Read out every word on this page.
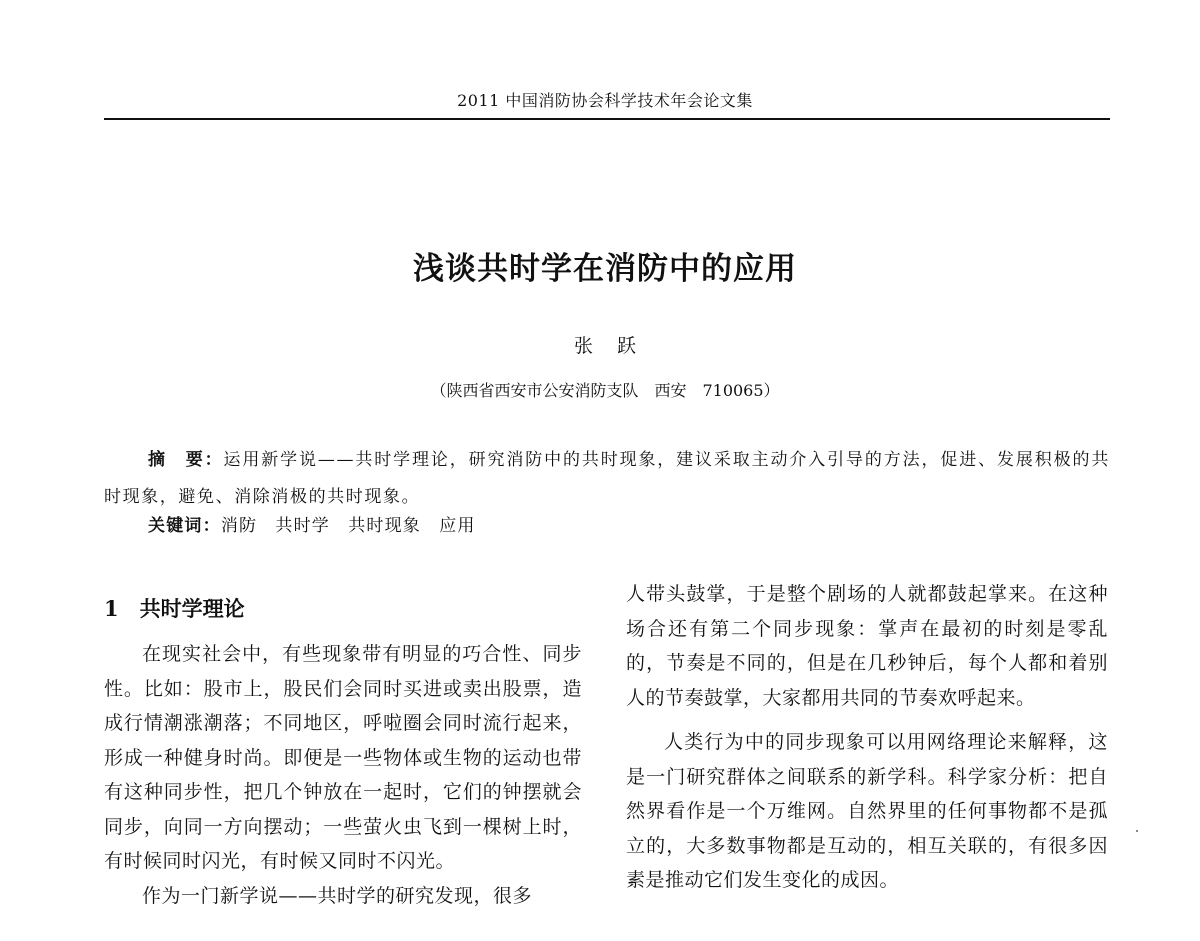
2011 中国消防协会科学技术年会论文集
浅谈共时学在消防中的应用
张跃
（陕西省西安市公安消防支队　西安　710065）
摘　要：运用新学说——共时学理论，研究消防中的共时现象，建议采取主动介入引导的方法，促进、发展积极的共时现象，避免、消除消极的共时现象。
关键词：消防　共时学　共时现象　应用
1　共时学理论

在现实社会中，有些现象带有明显的巧合性、同步性。比如：股市上，股民们会同时买进或卖出股票，造成行情潮涨潮落；不同地区，呼啦圈会同时流行起来，形成一种健身时尚。即便是一些物体或生物的运动也带有这种同步性，把几个钟放在一起时，它们的钟摆就会同步，向同一方向摆动；一些萤火虫飞到一棵树上时，有时候同时闪光，有时候又同时不闪光。

作为一门新学说——共时学的研究发现，很多

人带头鼓掌，于是整个剧场的人就都鼓起掌来。在这种场合还有第二个同步现象：掌声在最初的时刻是零乱的，节奏是不同的，但是在几秒钟后，每个人都和着别人的节奏鼓掌，大家都用共同的节奏欢呼起来。

人类行为中的同步现象可以用网络理论来解释，这是一门研究群体之间联系的新学科。科学家分析：把自然界看作是一个万维网。自然界里的任何事物都不是孤立的，大多数事物都是互动的，相互关联的，有很多因素是推动它们发生变化的成因。
